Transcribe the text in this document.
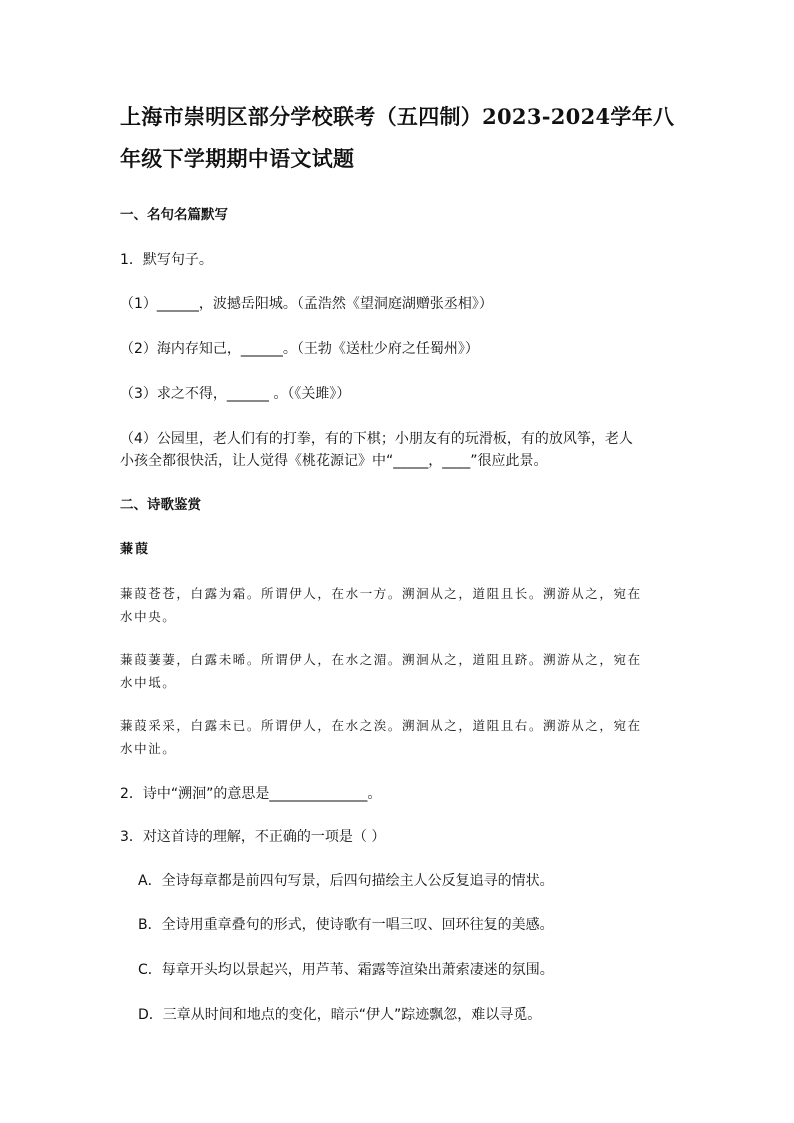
上海市崇明区部分学校联考（五四制）2023-2024学年八年级下学期期中语文试题
一、名句名篇默写
1．默写句子。
（1）______，波撼岳阳城。（孟浩然《望洞庭湖赠张丞相》）
（2）海内存知己，______。（王勃《送杜少府之任蜀州》）
（3）求之不得，______ 。（《关雎》）
（4）公园里，老人们有的打拳，有的下棋；小朋友有的玩滑板，有的放风筝，老人
小孩全都很快活，让人觉得《桃花源记》中“_____，____”很应此景。
二、诗歌鉴赏
蒹葭
蒹葭苍苍，白露为霜。所谓伊人，在水一方。溯洄从之，道阻且长。溯游从之，宛在
水中央。
蒹葭萋萋，白露未晞。所谓伊人，在水之湄。溯洄从之，道阻且跻。溯游从之，宛在
水中坻。
蒹葭采采，白露未已。所谓伊人，在水之涘。溯洄从之，道阻且右。溯游从之，宛在
水中沚。
2．诗中“溯洄”的意思是______________。
3．对这首诗的理解，不正确的一项是（ ）
A．全诗每章都是前四句写景，后四句描绘主人公反复追寻的情状。
B．全诗用重章叠句的形式，使诗歌有一唱三叹、回环往复的美感。
C．每章开头均以景起兴，用芦苇、霜露等渲染出萧索凄迷的氛围。
D．三章从时间和地点的变化，暗示“伊人”踪迹飘忽，难以寻觅。
